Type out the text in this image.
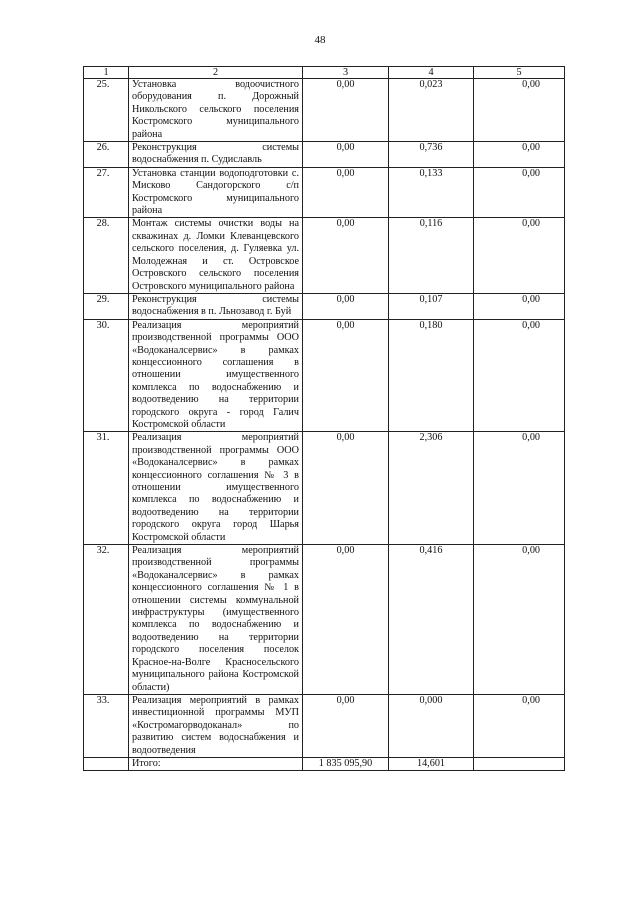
48
1	2	3	4	5
25.	Установка водоочистного оборудования п. Дорожный Никольского сельского поселения Костромского муниципального района	0,00	0,023	0,00
26.	Реконструкция системы водоснабжения п. Судиславль	0,00	0,736	0,00
27.	Установка станции водоподготовки с. Мисково Сандогорского с/п Костромского муниципального района	0,00	0,133	0,00
28.	Монтаж системы очистки воды на скважинах д. Ломки Клеванцевского сельского поселения, д. Гуляевка ул. Молодежная и ст. Островское Островского сельского поселения Островского муниципального района	0,00	0,116	0,00
29.	Реконструкция системы водоснабжения в п. Льнозавод г. Буй	0,00	0,107	0,00
30.	Реализация мероприятий производственной программы ООО «Водоканалсервис» в рамках концессионного соглашения в отношении имущественного комплекса по водоснабжению и водоотведению на территории городского округа - город Галич Костромской области	0,00	0,180	0,00
31.	Реализация мероприятий производственной программы ООО «Водоканалсервис» в рамках концессионного соглашения № 3 в отношении имущественного комплекса по водоснабжению и водоотведению на территории городского округа город Шарья Костромской области	0,00	2,306	0,00
32.	Реализация мероприятий производственной программы «Водоканалсервис» в рамках концессионного соглашения № 1 в отношении системы коммунальной инфраструктуры (имущественного комплекса по водоснабжению и водоотведению на территории городского поселения поселок Красное-на-Волге Красносельского муниципального района Костромской области)	0,00	0,416	0,00
33.	Реализация мероприятий в рамках инвестиционной программы МУП «Костромагорводоканал» по развитию систем водоснабжения и водоотведения	0,00	0,000	0,00
	Итого:	1 835 095,90	14,601	
